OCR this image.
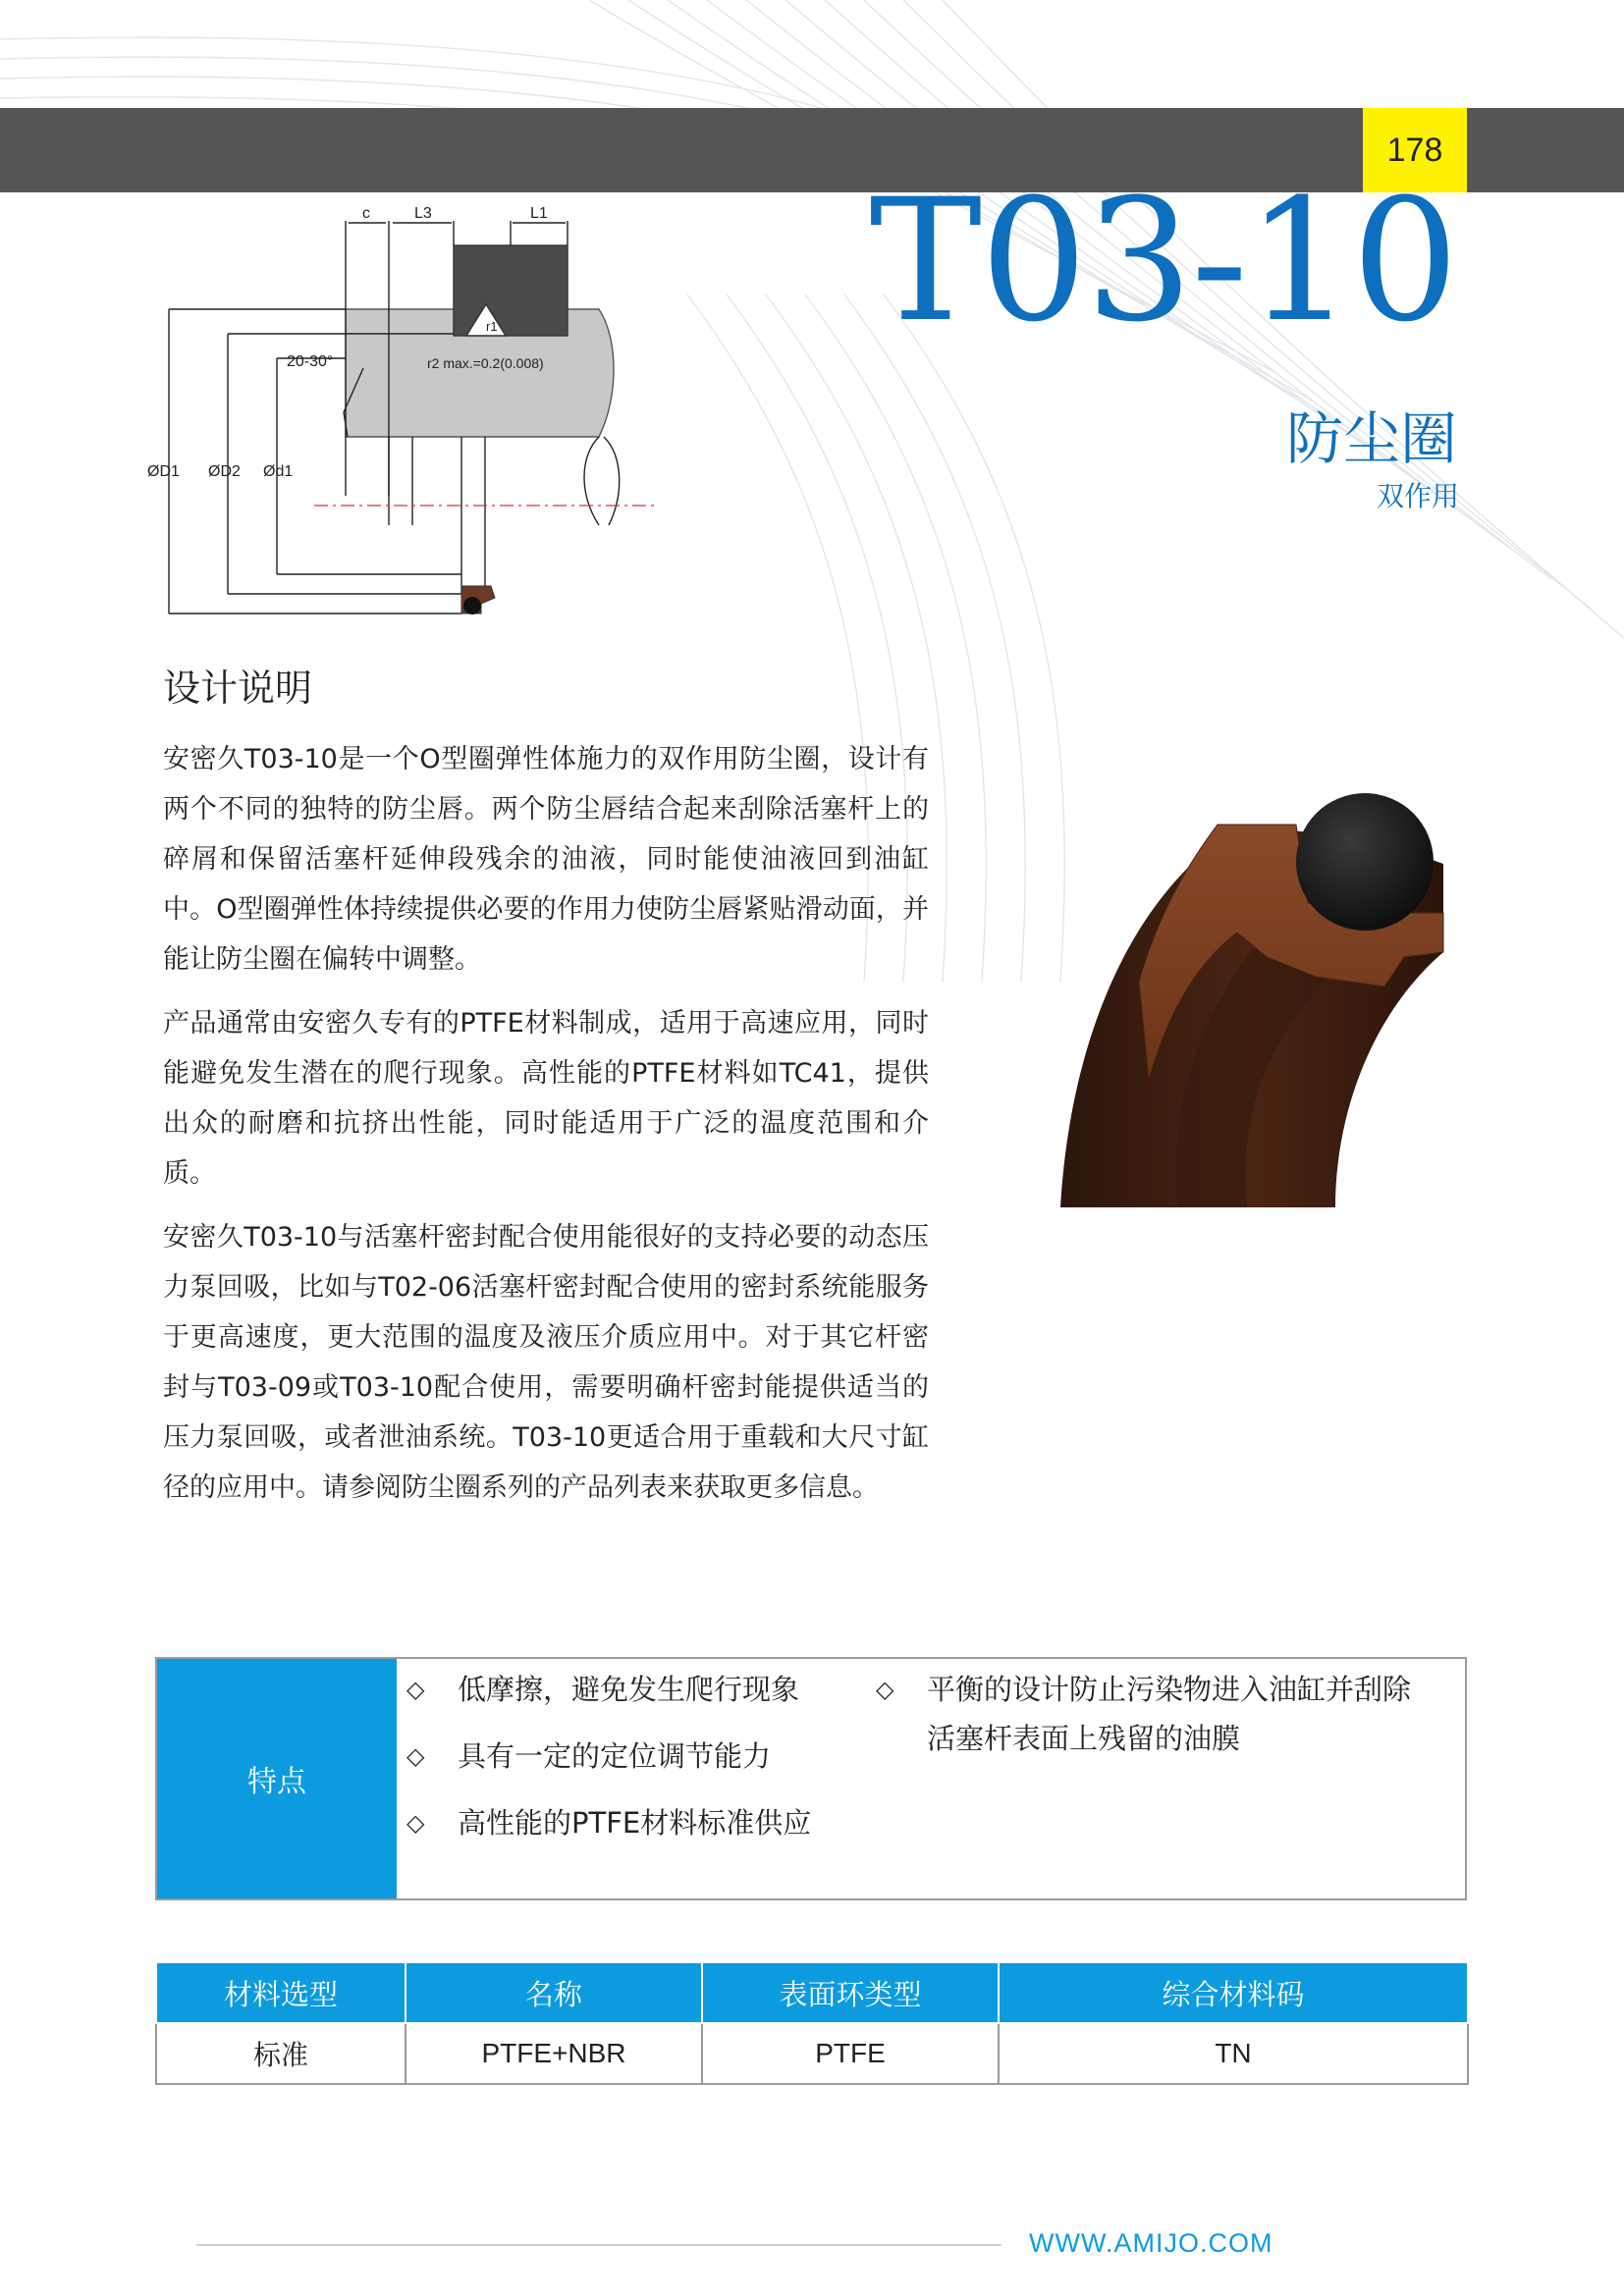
178
T03-10
防尘圈
双作用
c	L3	L1
r1
20-30°	r2 max.=0.2(0.008)
ØD1 ØD2 Ød1
设计说明

安密久T03-10是一个O型圈弹性体施力的双作用防尘圈，设计有两个不同的独特的防尘唇。两个防尘唇结合起来刮除活塞杆上的碎屑和保留活塞杆延伸段残余的油液，同时能使油液回到油缸中。O型圈弹性体持续提供必要的作用力使防尘唇紧贴滑动面，并能让防尘圈在偏转中调整。

产品通常由安密久专有的PTFE材料制成，适用于高速应用，同时能避免发生潜在的爬行现象。高性能的PTFE材料如TC41，提供出众的耐磨和抗挤出性能，同时能适用于广泛的温度范围和介质。

安密久T03-10与活塞杆密封配合使用能很好的支持必要的动态压力泵回吸，比如与T02-06活塞杆密封配合使用的密封系统能服务于更高速度，更大范围的温度及液压介质应用中。对于其它杆密封与T03-09或T03-10配合使用，需要明确杆密封能提供适当的压力泵回吸，或者泄油系统。T03-10更适合用于重载和大尺寸缸径的应用中。请参阅防尘圈系列的产品列表来获取更多信息。

特点
◇	低摩擦，避免发生爬行现象
◇	具有一定的定位调节能力
◇	高性能的PTFE材料标准供应
◇	平衡的设计防止污染物进入油缸并刮除活塞杆表面上残留的油膜
材料选型	名称	表面环类型	综合材料码
标准	PTFE+NBR	PTFE	TN
WWW.AMIJO.COM
